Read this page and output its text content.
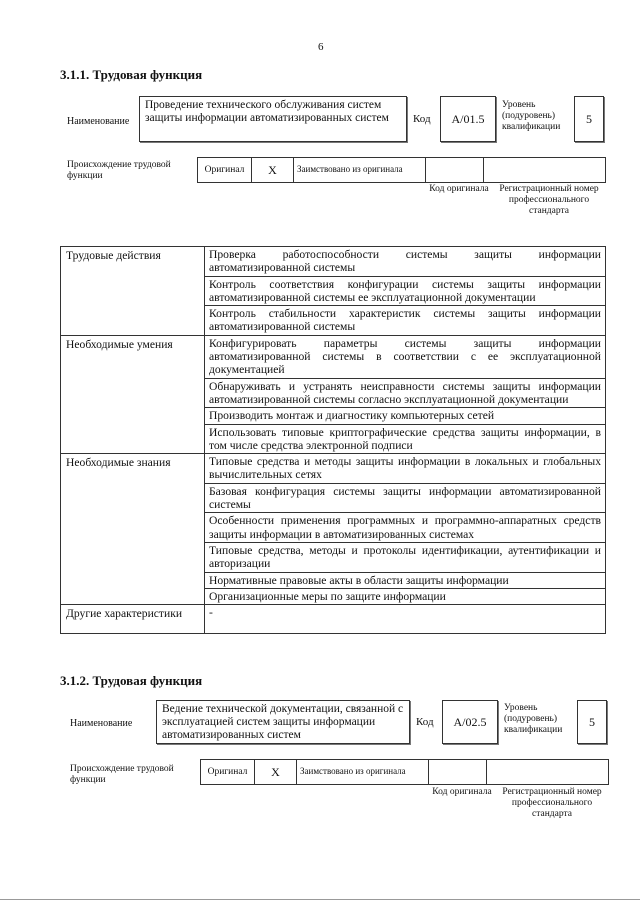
6
3.1.1. Трудовая функция
Наименование
Проведение технического обслуживания систем защиты информации автоматизированных систем	Код A/01.5
Уровень (подуровень) квалификации
5
Происхождение трудовой функции
Оригинал X	Заимствовано из оригинала
Код оригинала	Регистрационный номер профессионального стандарта
Трудовые действия	Проверка работоспособности системы защиты информации автоматизированной системы
	Контроль соответствия конфигурации системы защиты информации автоматизированной системы ее эксплуатационной документации
	Контроль стабильности характеристик системы защиты информации автоматизированной системы
Необходимые умения	Конфигурировать параметры системы защиты информации автоматизированной системы в соответствии с ее эксплуатационной документацией
	Обнаруживать и устранять неисправности системы защиты информации автоматизированной системы согласно эксплуатационной документации
	Производить монтаж и диагностику компьютерных сетей
	Использовать типовые криптографические средства защиты информации, в том числе средства электронной подписи
Необходимые знания	Типовые средства и методы защиты информации в локальных и глобальных вычислительных сетях
	Базовая конфигурация системы защиты информации автоматизированной системы
	Особенности применения программных и программно-аппаратных средств защиты информации в автоматизированных системах
	Типовые средства, методы и протоколы идентификации, аутентификации и авторизации
	Нормативные правовые акты в области защиты информации
	Организационные меры по защите информации
Другие характеристики	-
3.1.2. Трудовая функция
Наименование
Ведение технической документации, связанной с эксплуатацией систем защиты информации автоматизированных систем
Код A/02.5
Уровень (подуровень) квалификации
5
Происхождение трудовой функции
Оригинал X	Заимствовано из оригинала
Код оригинала	Регистрационный номер профессионального стандарта
